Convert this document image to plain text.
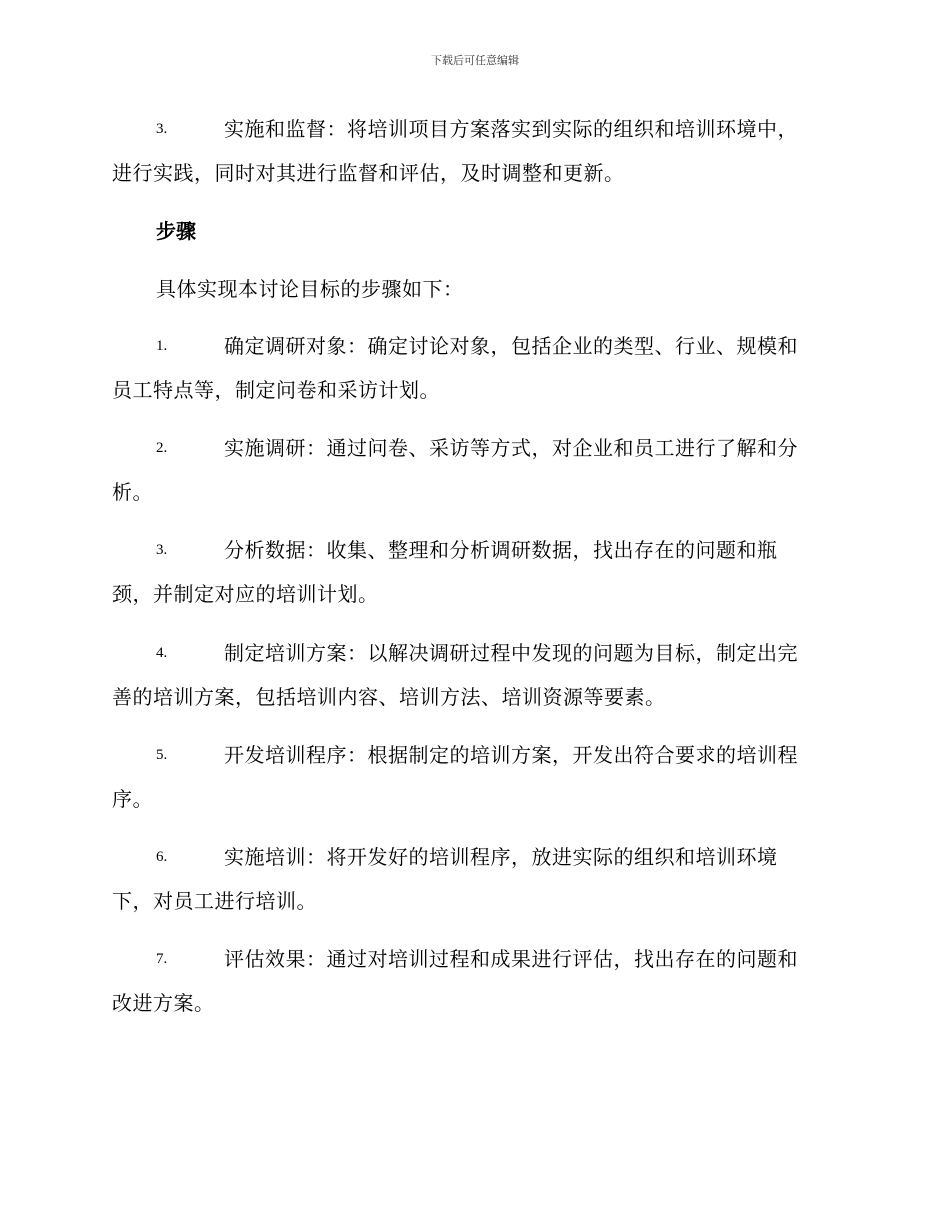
下载后可任意编辑
3.	实施和监督：将培训项目方案落实到实际的组织和培训环境中，
进行实践，同时对其进行监督和评估，及时调整和更新。
步骤
具体实现本讨论目标的步骤如下：
1.	确定调研对象：确定讨论对象，包括企业的类型、行业、规模和
员工特点等，制定问卷和采访计划。
2.	实施调研：通过问卷、采访等方式，对企业和员工进行了解和分
析。
3.	分析数据：收集、整理和分析调研数据，找出存在的问题和瓶
颈，并制定对应的培训计划。
4.	制定培训方案：以解决调研过程中发现的问题为目标，制定出完
善的培训方案，包括培训内容、培训方法、培训资源等要素。
5.	开发培训程序：根据制定的培训方案，开发出符合要求的培训程
序。
6.	实施培训：将开发好的培训程序，放进实际的组织和培训环境
下，对员工进行培训。
7.	评估效果：通过对培训过程和成果进行评估，找出存在的问题和
改进方案。
